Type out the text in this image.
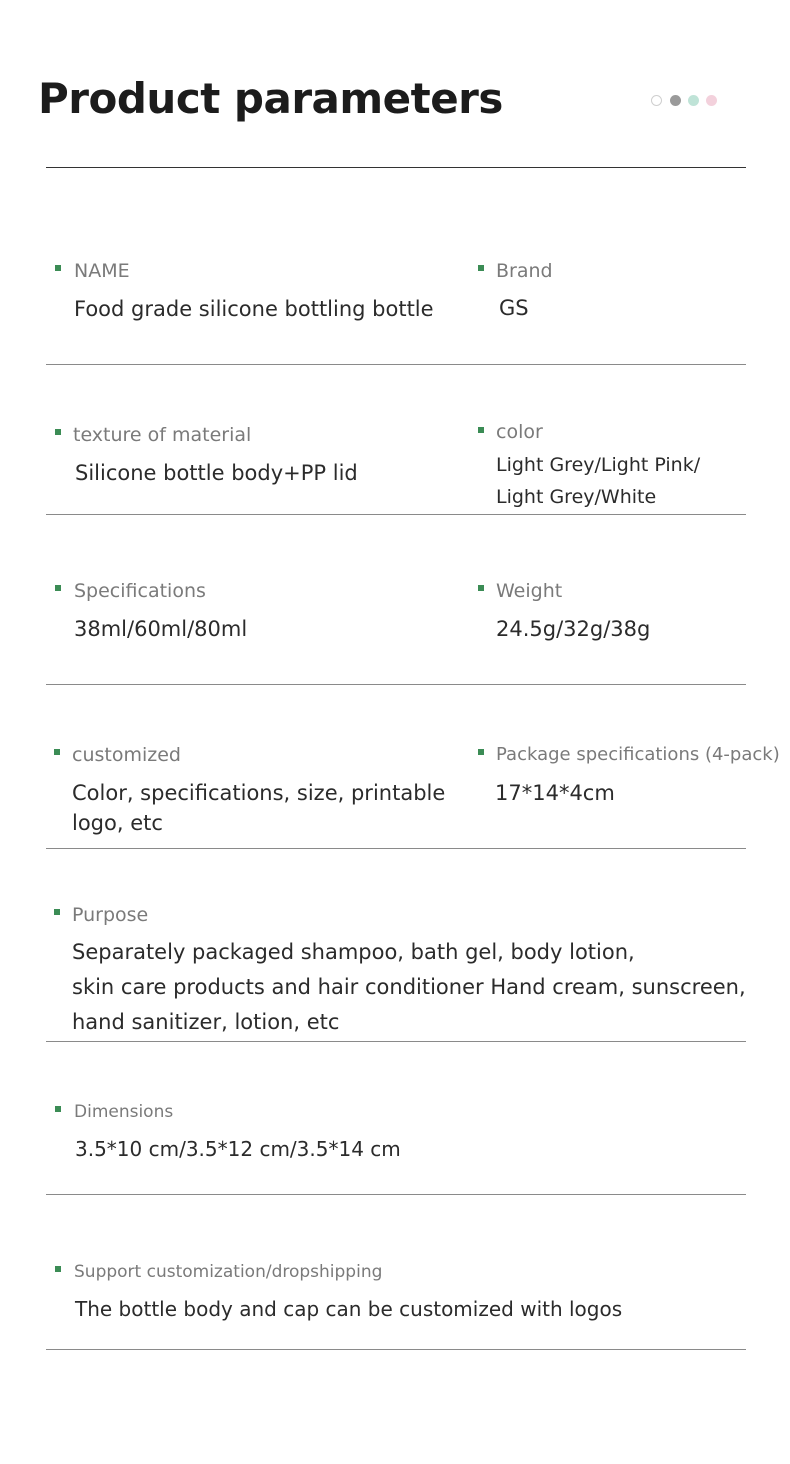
Product parameters
NAME
Food grade silicone bottling bottle
Brand
GS
texture of material
Silicone bottle body+PP lid
color
Light Grey/Light Pink/
Light Grey/White
Specifications
38ml/60ml/80ml
Weight
24.5g/32g/38g
customized
Color, specifications, size, printable
logo, etc
Package specifications (4-pack)
17*14*4cm
Purpose
Separately packaged shampoo, bath gel, body lotion,
skin care products and hair conditioner Hand cream, sunscreen,
hand sanitizer, lotion, etc
Dimensions
3.5*10 cm/3.5*12 cm/3.5*14 cm
Support customization/dropshipping
The bottle body and cap can be customized with logos
